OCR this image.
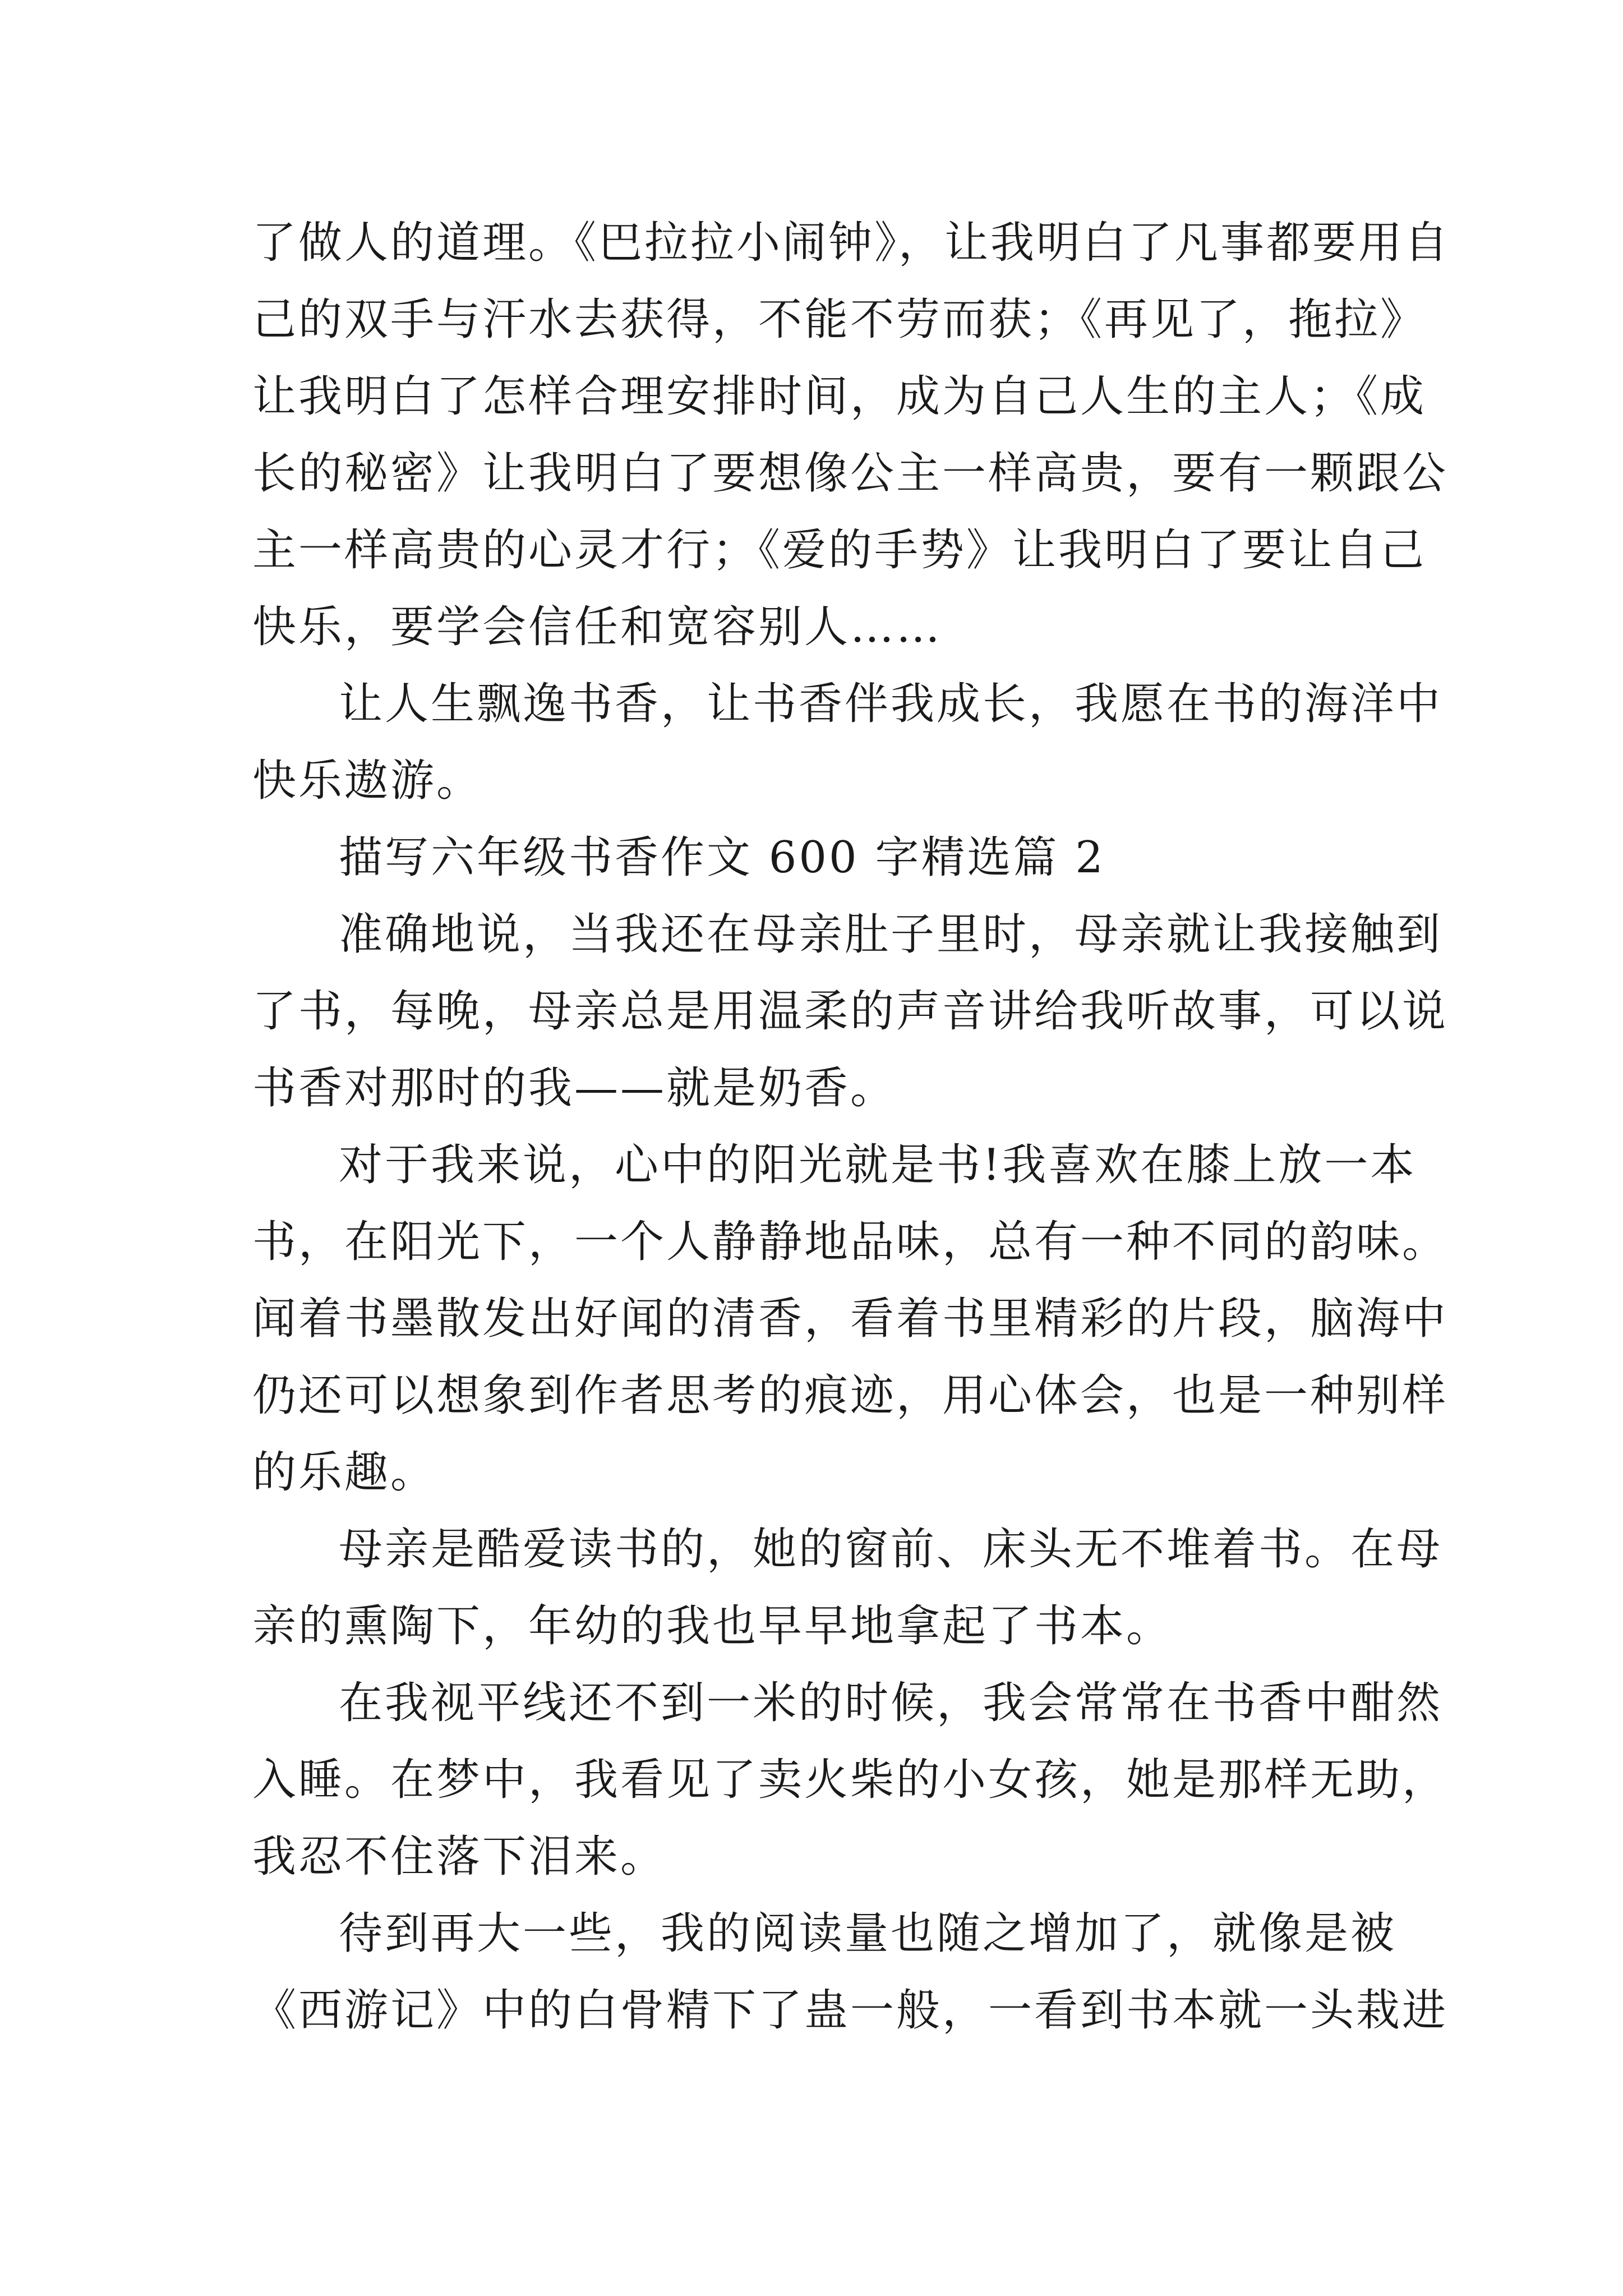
了做人的道理。《巴拉拉小闹钟》，让我明白了凡事都要用自
己的双手与汗水去获得，不能不劳而获；《再见了，拖拉》
让我明白了怎样合理安排时间，成为自己人生的主人；《成
长的秘密》让我明白了要想像公主一样高贵，要有一颗跟公
主一样高贵的心灵才行；《爱的手势》让我明白了要让自己
快乐，要学会信任和宽容别人……
让人生飘逸书香，让书香伴我成长，我愿在书的海洋中
快乐遨游。
描写六年级书香作文 600 字精选篇 2
准确地说，当我还在母亲肚子里时，母亲就让我接触到
了书，每晚，母亲总是用温柔的声音讲给我听故事，可以说
书香对那时的我——就是奶香。
对于我来说，心中的阳光就是书!我喜欢在膝上放一本
书，在阳光下，一个人静静地品味，总有一种不同的韵味。
闻着书墨散发出好闻的清香，看着书里精彩的片段，脑海中
仍还可以想象到作者思考的痕迹，用心体会，也是一种别样
的乐趣。
母亲是酷爱读书的，她的窗前、床头无不堆着书。在母
亲的熏陶下，年幼的我也早早地拿起了书本。
在我视平线还不到一米的时候，我会常常在书香中酣然
入睡。在梦中，我看见了卖火柴的小女孩，她是那样无助，
我忍不住落下泪来。
待到再大一些，我的阅读量也随之增加了，就像是被
《西游记》中的白骨精下了蛊一般，一看到书本就一头栽进
